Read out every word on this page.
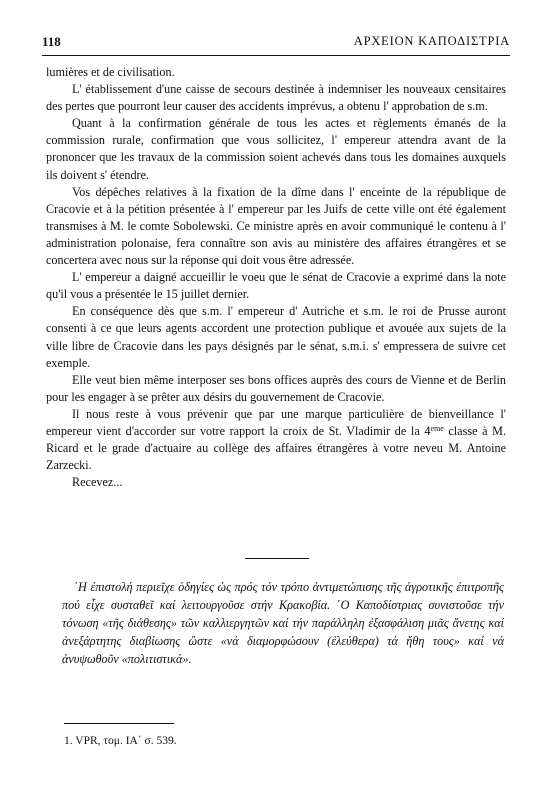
118	ΑΡΧΕΙΟΝ ΚΑΠΟΔΙΣΤΡΙΑ

lumières et de civilisation.

L' établissement d'une caisse de secours destinée à indemniser les nouveaux censitaires des pertes que pourront leur causer des accidents imprévus, a obtenu l' approbation de s.m.

Quant à la confirmation générale de tous les actes et règlements émanés de la commission rurale, confirmation que vous sollicitez, l' empereur attendra avant de la prononcer que les travaux de la commission soient achevés dans tous les domaines auxquels ils doivent s' étendre.

Vos dépêches relatives à la fixation de la dîme dans l' enceinte de la république de Cracovie et à la pétition présentée à l' empereur par les Juifs de cette ville ont été également transmises à M. le comte Sobolewski. Ce ministre après en avoir communiqué le contenu à l' administration polonaise, fera connaître son avis au ministère des affaires étrangères et se concertera avec nous sur la réponse qui doit vous être adressée.

L' empereur a daigné accueillir le voeu que le sénat de Cracovie a exprimé dans la note qu'il vous a présentée le 15 juillet dernier.

En conséquence dès que s.m. l' empereur d' Autriche et s.m. le roi de Prusse auront consenti à ce que leurs agents accordent une protection publique et avouée aux sujets de la ville libre de Cracovie dans les pays désignés par le sénat, s.m.i. s' empressera de suivre cet exemple.

Elle veut bien même interposer ses bons offices auprès des cours de Vienne et de Berlin pour les engager à se prêter aux désirs du gouvernement de Cracovie.

Il nous reste à vous prévenir que par une marque particulière de bienveillance l' empereur vient d'accorder sur votre rapport la croix de St. Vladimir de la 4eme classe à M. Ricard et le grade d'actuaire au collège des affaires étrangères à votre neveu M. Antoine Zarzecki.

Recevez...

῾Η ἐπιστολή περιεῖχε ὁδηγίες ὡς πρός τόν τρόπο ἀντιμετώπισης τῆς ἀγροτικῆς ἐπιτροπῆς πού εἶχε συσταθεῖ καί λειτουργοῦσε στήν Κρακοβία. ῾Ο Καποδίστριας συνιστοῦσε τήν τόνωση «τῆς διάθεσης» τῶν καλλιεργητῶν καί τήν παράλληλη ἐξασφάλιση μιᾶς ἄνετης καί ἀνεξάρτητης διαβίωσης ὥστε «νά διαμορφώσουν (ἐλεύθερα) τά ἤθη τους» καί νά ἀνυψωθοῦν «πολιτιστικά».

1. VPR, τομ. ΙΑ΄ σ. 539.
